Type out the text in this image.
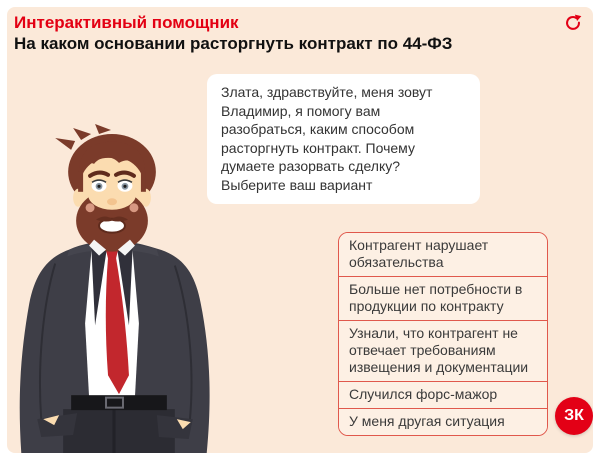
Интерактивный помощник
На каком основании расторгнуть контракт по 44-ФЗ
Злата, здравствуйте, меня зовут Владимир, я помогу вам разобраться, каким способом расторгнуть контракт. Почему думаете разорвать сделку? Выберите ваш вариант
Контрагент нарушает обязательства
Больше нет потребности в продукции по контракту
Узнали, что контрагент не отвечает требованиям извещения и документации
Случился форс-мажор
У меня другая ситуация	ЗК
